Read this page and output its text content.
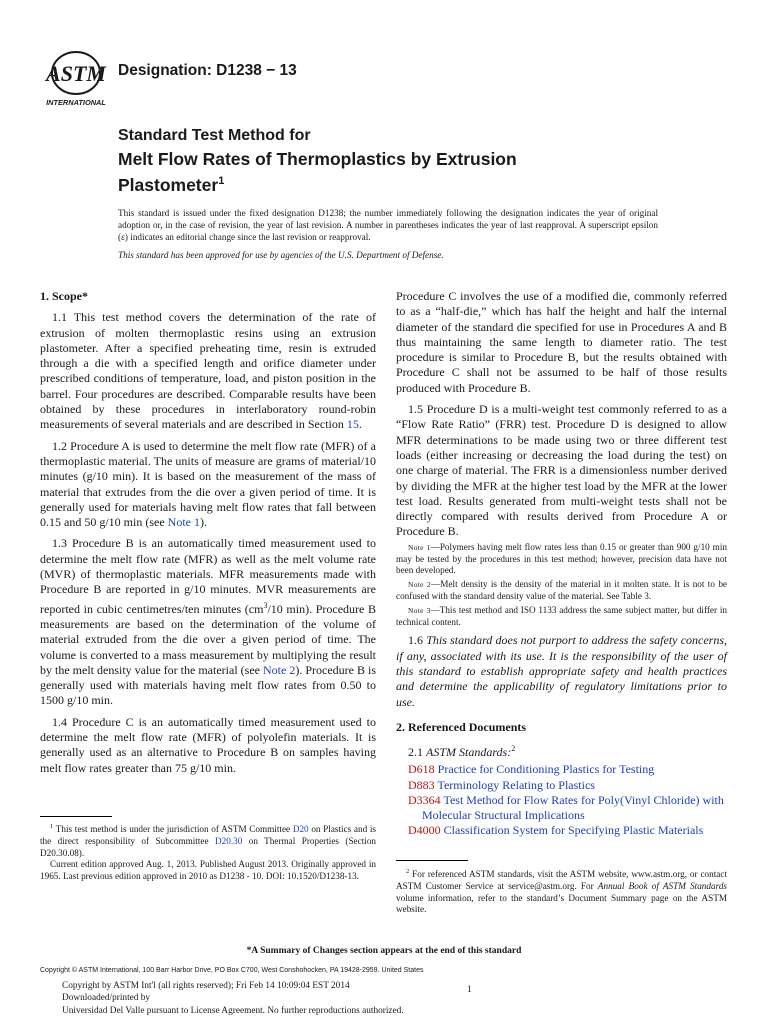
ASTM
INTERNATIONAL
Designation: D1238 − 13
Standard Test Method for
Melt Flow Rates of Thermoplastics by Extrusion Plastometer$^1$
This standard is issued under the fixed designation D1238; the number immediately following the designation indicates the year of original adoption or, in the case of revision, the year of last revision. A number in parentheses indicates the year of last reapproval. A superscript epsilon (ε) indicates an editorial change since the last revision or reapproval.
This standard has been approved for use by agencies of the U.S. Department of Defense.
1. Scope*

1.1 This test method covers the determination of the rate of extrusion of molten thermoplastic resins using an extrusion plastometer. After a specified preheating time, resin is extruded through a die with a specified length and orifice diameter under prescribed conditions of temperature, load, and piston position in the barrel. Four procedures are described. Comparable results have been obtained by these procedures in interlaboratory round-robin measurements of several materials and are described in Section 15.

1.2 Procedure A is used to determine the melt flow rate (MFR) of a thermoplastic material. The units of measure are grams of material/10 minutes (g/10 min). It is based on the measurement of the mass of material that extrudes from the die over a given period of time. It is generally used for materials having melt flow rates that fall between 0.15 and 50 g/10 min (see Note 1).

1.3 Procedure B is an automatically timed measurement used to determine the melt flow rate (MFR) as well as the melt volume rate (MVR) of thermoplastic materials. MFR measurements made with Procedure B are reported in g/10 minutes. MVR measurements are reported in cubic centimetres/ten minutes ($cm^3/10$ min). Procedure B measurements are based on the determination of the volume of material extruded from the die over a given period of time. The volume is converted to a mass measurement by multiplying the result by the melt density value for the material (see Note 2). Procedure B is generally used with materials having melt flow rates from 0.50 to 1500 g/10 min.

1.4 Procedure C is an automatically timed measurement used to determine the melt flow rate (MFR) of polyolefin materials. It is generally used as an alternative to Procedure B on samples having melt flow rates greater than 75 g/10 min.

$^1$ This test method is under the jurisdiction of ASTM Committee D20 on Plastics and is the direct responsibility of Subcommittee D20.30 on Thermal Properties (Section D20.30.08).

Current edition approved Aug. 1, 2013. Published August 2013. Originally approved in 1965. Last previous edition approved in 2010 as D1238 - 10. DOI: 10.1520/D1238-13.

Procedure C involves the use of a modified die, commonly referred to as a “half-die,” which has half the height and half the internal diameter of the standard die specified for use in Procedures A and B thus maintaining the same length to diameter ratio. The test procedure is similar to Procedure B, but the results obtained with Procedure C shall not be assumed to be half of those results produced with Procedure B.

1.5 Procedure D is a multi-weight test commonly referred to as a “Flow Rate Ratio” (FRR) test. Procedure D is designed to allow MFR determinations to be made using two or three different test loads (either increasing or decreasing the load during the test) on one charge of material. The FRR is a dimensionless number derived by dividing the MFR at the higher test load by the MFR at the lower test load. Results generated from multi-weight tests shall not be directly compared with results derived from Procedure A or Procedure B.

Note 1—Polymers having melt flow rates less than 0.15 or greater than 900 g/10 min may be tested by the procedures in this test method; however, precision data have not been developed.
Note 2—Melt density is the density of the material in it molten state. It is not to be confused with the standard density value of the material. See Table 3.
Note 3—This test method and ISO 1133 address the same subject matter, but differ in technical content.

1.6 This standard does not purport to address the safety concerns, if any, associated with its use. It is the responsibility of the user of this standard to establish appropriate safety and health practices and determine the applicability of regulatory limitations prior to use.

2. Referenced Documents

2.1 ASTM Standards:$^2$

D618 Practice for Conditioning Plastics for Testing
D883 Terminology Relating to Plastics
D3364 Test Method for Flow Rates for Poly(Vinyl Chloride) with Molecular Structural Implications
D4000 Classification System for Specifying Plastic Materials

$^2$ For referenced ASTM standards, visit the ASTM website, www.astm.org, or contact ASTM Customer Service at service@astm.org. For Annual Book of ASTM Standards volume information, refer to the standard’s Document Summary page on the ASTM website.

*A Summary of Changes section appears at the end of this standard
Copyright © ASTM International, 100 Barr Harbor Drive, PO Box C700, West Conshohocken, PA 19428-2959. United States
Copyright by ASTM Int'l (all rights reserved); Fri Feb 14 10:09:04 EST 2014
Downloaded/printed by
Universidad Del Valle pursuant to License Agreement. No further reproductions authorized.
1
